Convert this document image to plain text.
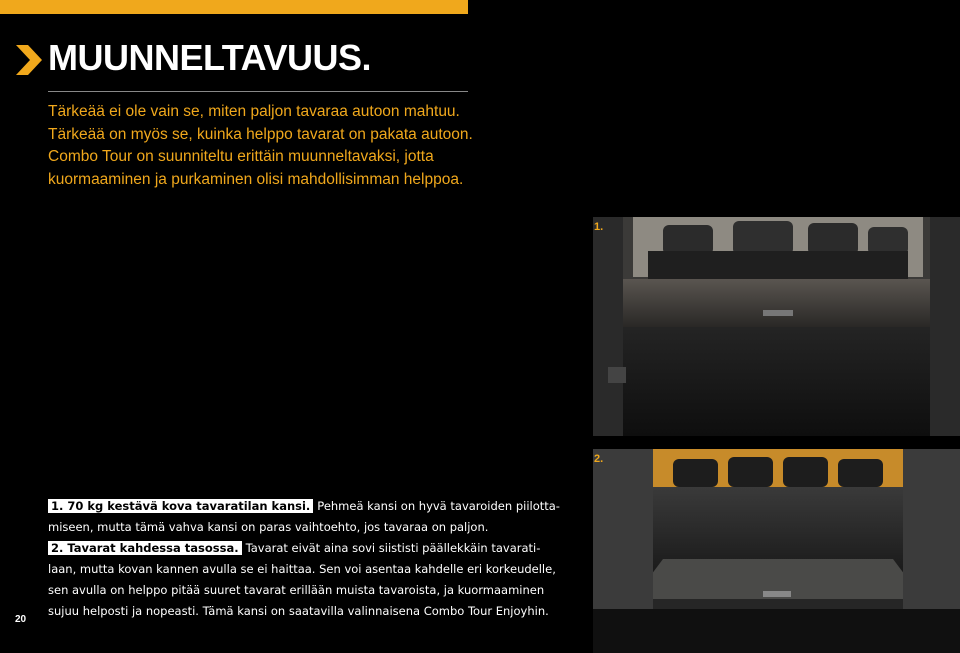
MUUNNELTAVUUS.
Tärkeää ei ole vain se, miten paljon tavaraa autoon mahtuu.
Tärkeää on myös se, kuinka helppo tavarat on pakata autoon.
Combo Tour on suunniteltu erittäin muunneltavaksi, jotta
kuormaaminen ja purkaminen olisi mahdollisimman helppoa.
1.
2.
1. 70 kg kestävä kova tavaratilan kansi. Pehmeä kansi on hyvä tavaroiden piilotta-
miseen, mutta tämä vahva kansi on paras vaihtoehto, jos tavaraa on paljon.
2. Tavarat kahdessa tasossa. Tavarat eivät aina sovi siististi päällekkäin tavarati-
laan, mutta kovan kannen avulla se ei haittaa. Sen voi asentaa kahdelle eri korkeudelle,
sen avulla on helppo pitää suuret tavarat erillään muista tavaroista, ja kuormaaminen
sujuu helposti ja nopeasti. Tämä kansi on saatavilla valinnaisena Combo Tour Enjoyhin.
20
